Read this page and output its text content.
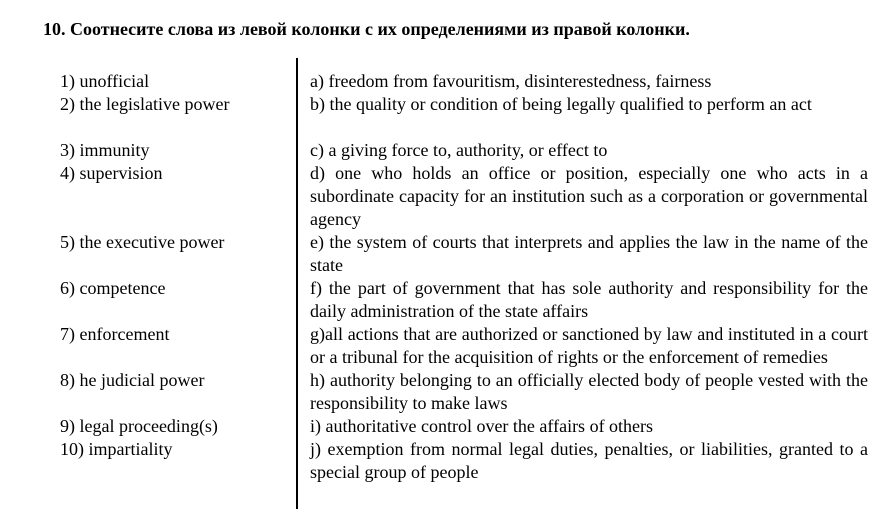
10. Соотнесите слова из левой колонки с их определениями из правой колонки.
1) unofficial	a) freedom from favouritism, disinterestedness, fairness
2) the legislative power	b) the quality or condition of being legally qualified to perform an act
3) immunity	c) a giving force to, authority, or effect to
4) supervision	d) one who holds an office or position, especially one who acts in a subordinate capacity for an institution such as a corporation or governmental agency
5) the executive power	e) the system of courts that interprets and applies the law in the name of the state
6) competence	f) the part of government that has sole authority and responsibility for the daily administration of the state affairs
7) enforcement	g)all actions that are authorized or sanctioned by law and instituted in a court or a tribunal for the acquisition of rights or the enforcement of remedies
8) he judicial power	h) authority belonging to an officially elected body of people vested with the responsibility to make laws
9) legal proceeding(s)	i) authoritative control over the affairs of others
10) impartiality	j) exemption from normal legal duties, penalties, or liabilities, granted to a special group of people
